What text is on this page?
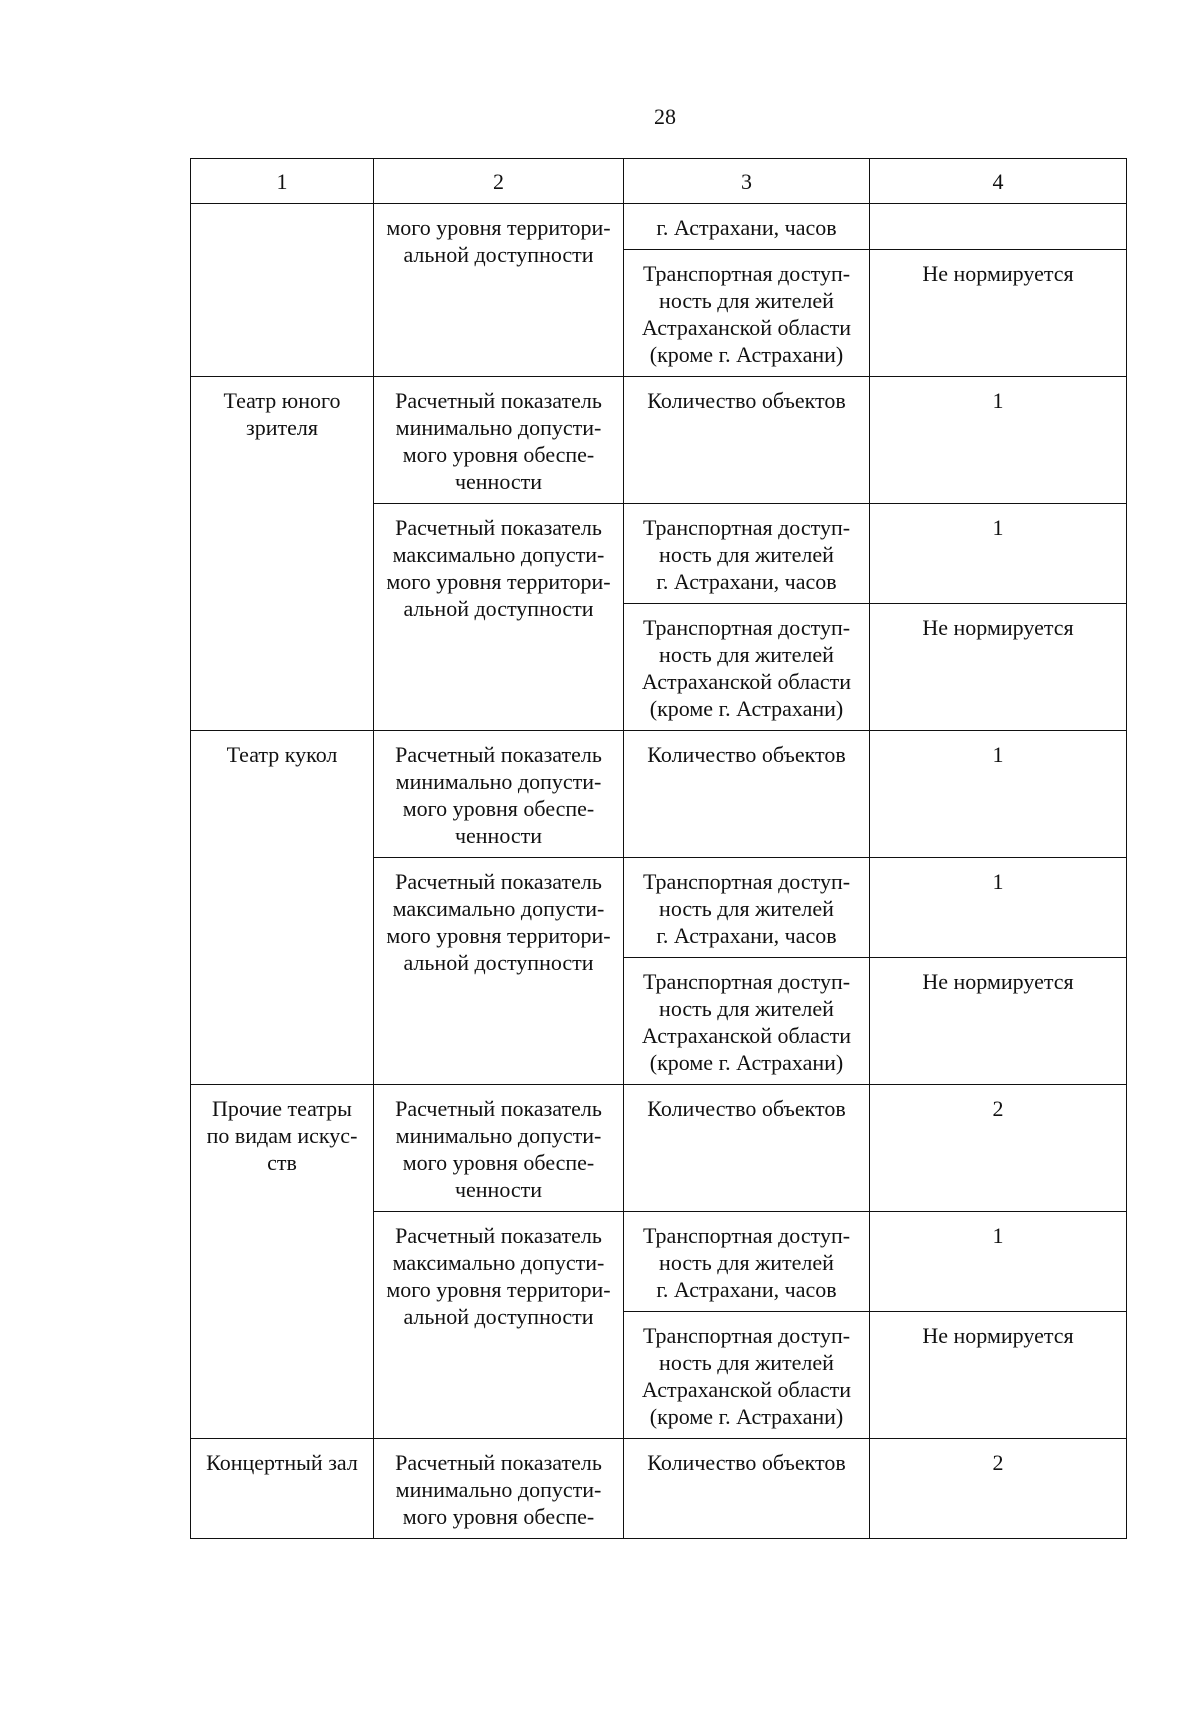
28
1	2	3	4
	мого уровня территори-
альной доступности	г. Астрахани, часов	
		Транспортная доступ-
ность для жителей
Астраханской области
(кроме г. Астрахани)	Не нормируется
Театр юного
зрителя	Расчетный показатель
минимально допусти-
мого уровня обеспе-
ченности	Количество объектов	1
	Расчетный показатель
максимально допусти-
мого уровня территори-
альной доступности	Транспортная доступ-
ность для жителей
г. Астрахани, часов	1
		Транспортная доступ-
ность для жителей
Астраханской области
(кроме г. Астрахани)	Не нормируется
Театр кукол	Расчетный показатель
минимально допусти-
мого уровня обеспе-
ченности	Количество объектов	1
	Расчетный показатель
максимально допусти-
мого уровня территори-
альной доступности	Транспортная доступ-
ность для жителей
г. Астрахани, часов	1
		Транспортная доступ-
ность для жителей
Астраханской области
(кроме г. Астрахани)	Не нормируется
Прочие театры
по видам искус-
ств	Расчетный показатель
минимально допусти-
мого уровня обеспе-
ченности	Количество объектов	2
	Расчетный показатель
максимально допусти-
мого уровня территори-
альной доступности	Транспортная доступ-
ность для жителей
г. Астрахани, часов	1
		Транспортная доступ-
ность для жителей
Астраханской области
(кроме г. Астрахани)	Не нормируется
Концертный зал	Расчетный показатель
минимально допусти-
мого уровня обеспе-	Количество объектов	2
